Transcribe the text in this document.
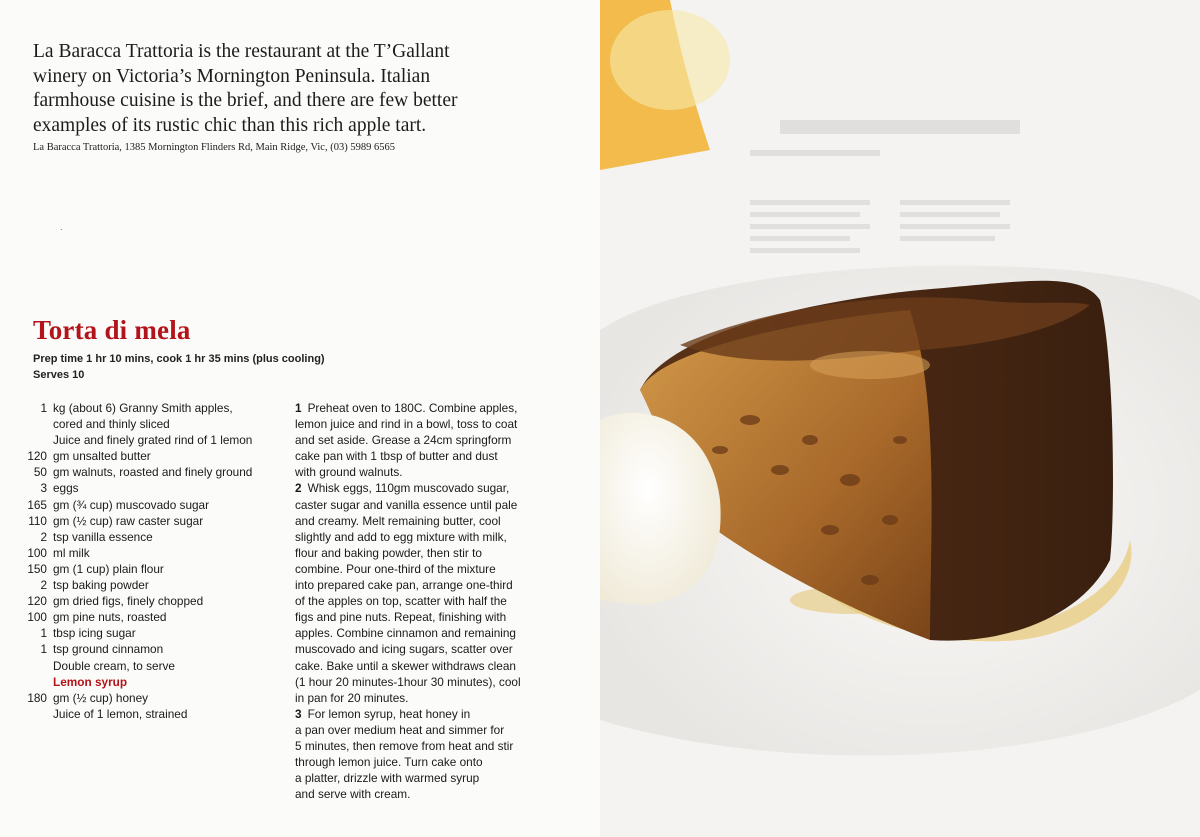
La Baracca Trattoria is the restaurant at the T’Gallant
winery on Victoria’s Mornington Peninsula. Italian
farmhouse cuisine is the brief, and there are few better
examples of its rustic chic than this rich apple tart.
La Baracca Trattoria, 1385 Mornington Flinders Rd, Main Ridge, Vic, (03) 5989 6565
.
Torta di mela
Prep time 1 hr 10 mins, cook 1 hr 35 mins (plus cooling)
Serves 10
1 kg (about 6) Granny Smith apples,
cored and thinly sliced
Juice and finely grated rind of 1 lemon
120 gm unsalted butter
50 gm walnuts, roasted and finely ground
3 eggs
165 gm (¾ cup) muscovado sugar
110 gm (½ cup) raw caster sugar
2 tsp vanilla essence
100 ml milk
150 gm (1 cup) plain flour
2 tsp baking powder
120 gm dried figs, finely chopped
100 gm pine nuts, roasted
1 tbsp icing sugar
1 tsp ground cinnamon
Double cream, to serve
Lemon syrup
180 gm (½ cup) honey
Juice of 1 lemon, strained
1 Preheat oven to 180C. Combine apples,
lemon juice and rind in a bowl, toss to coat
and set aside. Grease a 24cm springform
cake pan with 1 tbsp of butter and dust
with ground walnuts.
2 Whisk eggs, 110gm muscovado sugar,
caster sugar and vanilla essence until pale
and creamy. Melt remaining butter, cool
slightly and add to egg mixture with milk,
flour and baking powder, then stir to
combine. Pour one-third of the mixture
into prepared cake pan, arrange one-third
of the apples on top, scatter with half the
figs and pine nuts. Repeat, finishing with
apples. Combine cinnamon and remaining
muscovado and icing sugars, scatter over
cake. Bake until a skewer withdraws clean
(1 hour 20 minutes-1hour 30 minutes), cool
in pan for 20 minutes.
3 For lemon syrup, heat honey in
a pan over medium heat and simmer for
5 minutes, then remove from heat and stir
through lemon juice. Turn cake onto
a platter, drizzle with warmed syrup
and serve with cream.
